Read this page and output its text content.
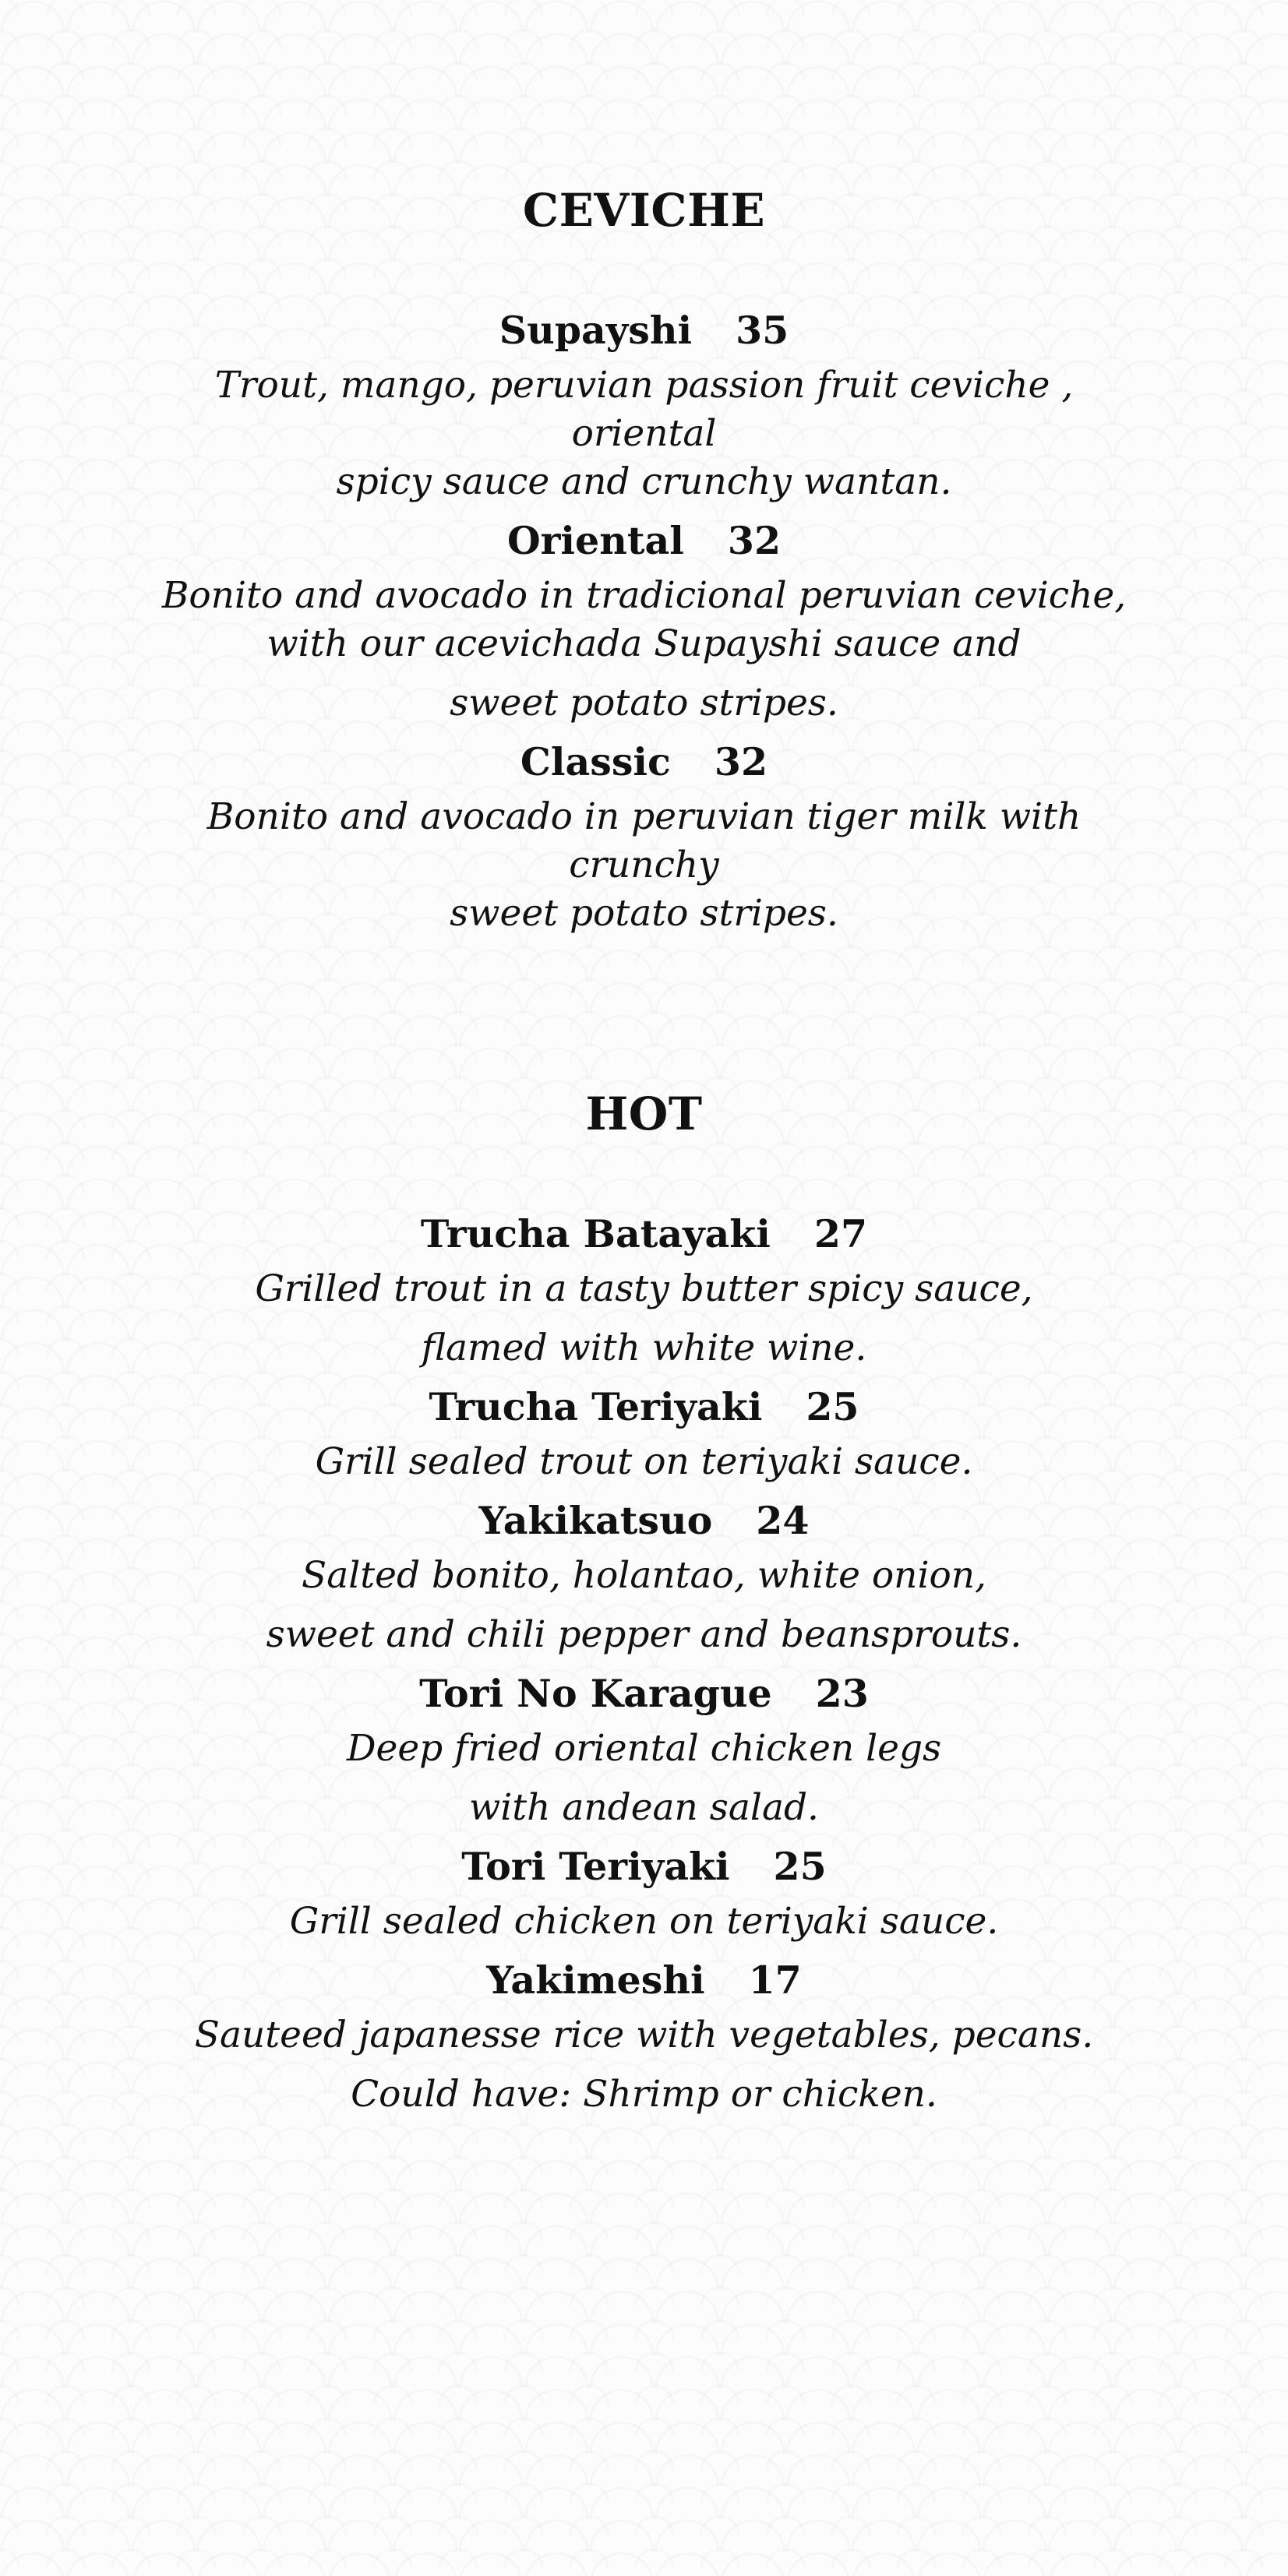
CEVICHE
Supayshi 35
Trout, mango, peruvian passion fruit ceviche , oriental
spicy sauce and crunchy wantan.
Oriental 32
Bonito and avocado in tradicional peruvian ceviche,
with our acevichada Supayshi sauce and
sweet potato stripes.
Classic 32
Bonito and avocado in peruvian tiger milk with crunchy
sweet potato stripes.
HOT
Trucha Batayaki 27
Grilled trout in a tasty butter spicy sauce,
flamed with white wine.
Trucha Teriyaki 25
Grill sealed trout on teriyaki sauce.
Yakikatsuo 24
Salted bonito, holantao, white onion,
sweet and chili pepper and beansprouts.
Tori No Karague 23
Deep fried oriental chicken legs
with andean salad.
Tori Teriyaki 25
Grill sealed chicken on teriyaki sauce.
Yakimeshi 17
Sauteed japanesse rice with vegetables, pecans.
Could have: Shrimp or chicken.
